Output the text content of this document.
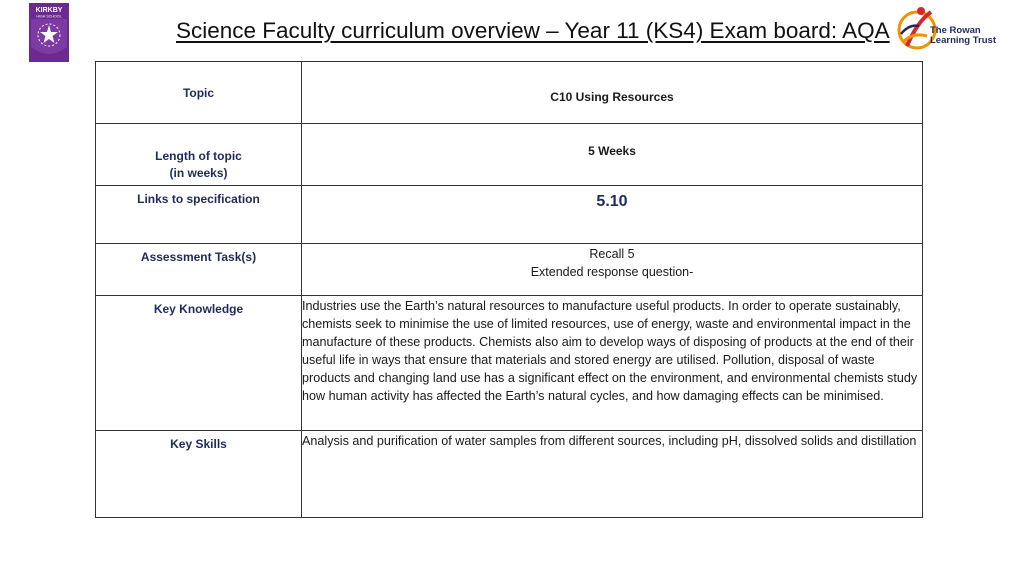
KIRKBY
HIGH SCHOOL
Science Faculty curriculum overview – Year 11 (KS4) Exam board: AQA	The Rowan
Learning Trust
Topic	C10 Using Resources

Length of topic
(in weeks)	5 Weeks

Links to specification	5.10

Assessment Task(s)	Recall 5
Extended response question-

Key Knowledge	Industries use the Earth’s natural resources to manufacture useful products. In order to operate sustainably, chemists seek to minimise the use of limited resources, use of energy, waste and environmental impact in the manufacture of these products. Chemists also aim to develop ways of disposing of products at the end of their useful life in ways that ensure that materials and stored energy are utilised. Pollution, disposal of waste products and changing land use has a significant effect on the environment, and environmental chemists study how human activity has affected the Earth’s natural cycles, and how damaging effects can be minimised.

Key Skills	Analysis and purification of water samples from different sources, including pH, dissolved solids and distillation
